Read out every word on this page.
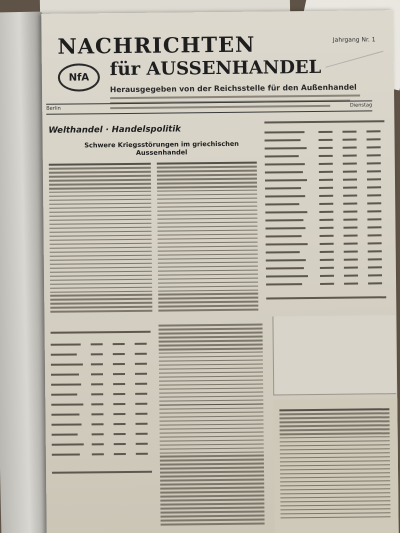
NACHRICHTEN	Jahrgang Nr. 1
NfA	für AUSSENHANDEL
Herausgegeben von der Reichsstelle für den Außenhandel
Berlin
Dienstag
Welthandel · Handelspolitik
Schwere Kriegsstörungen im griechischen Aussenhandel
